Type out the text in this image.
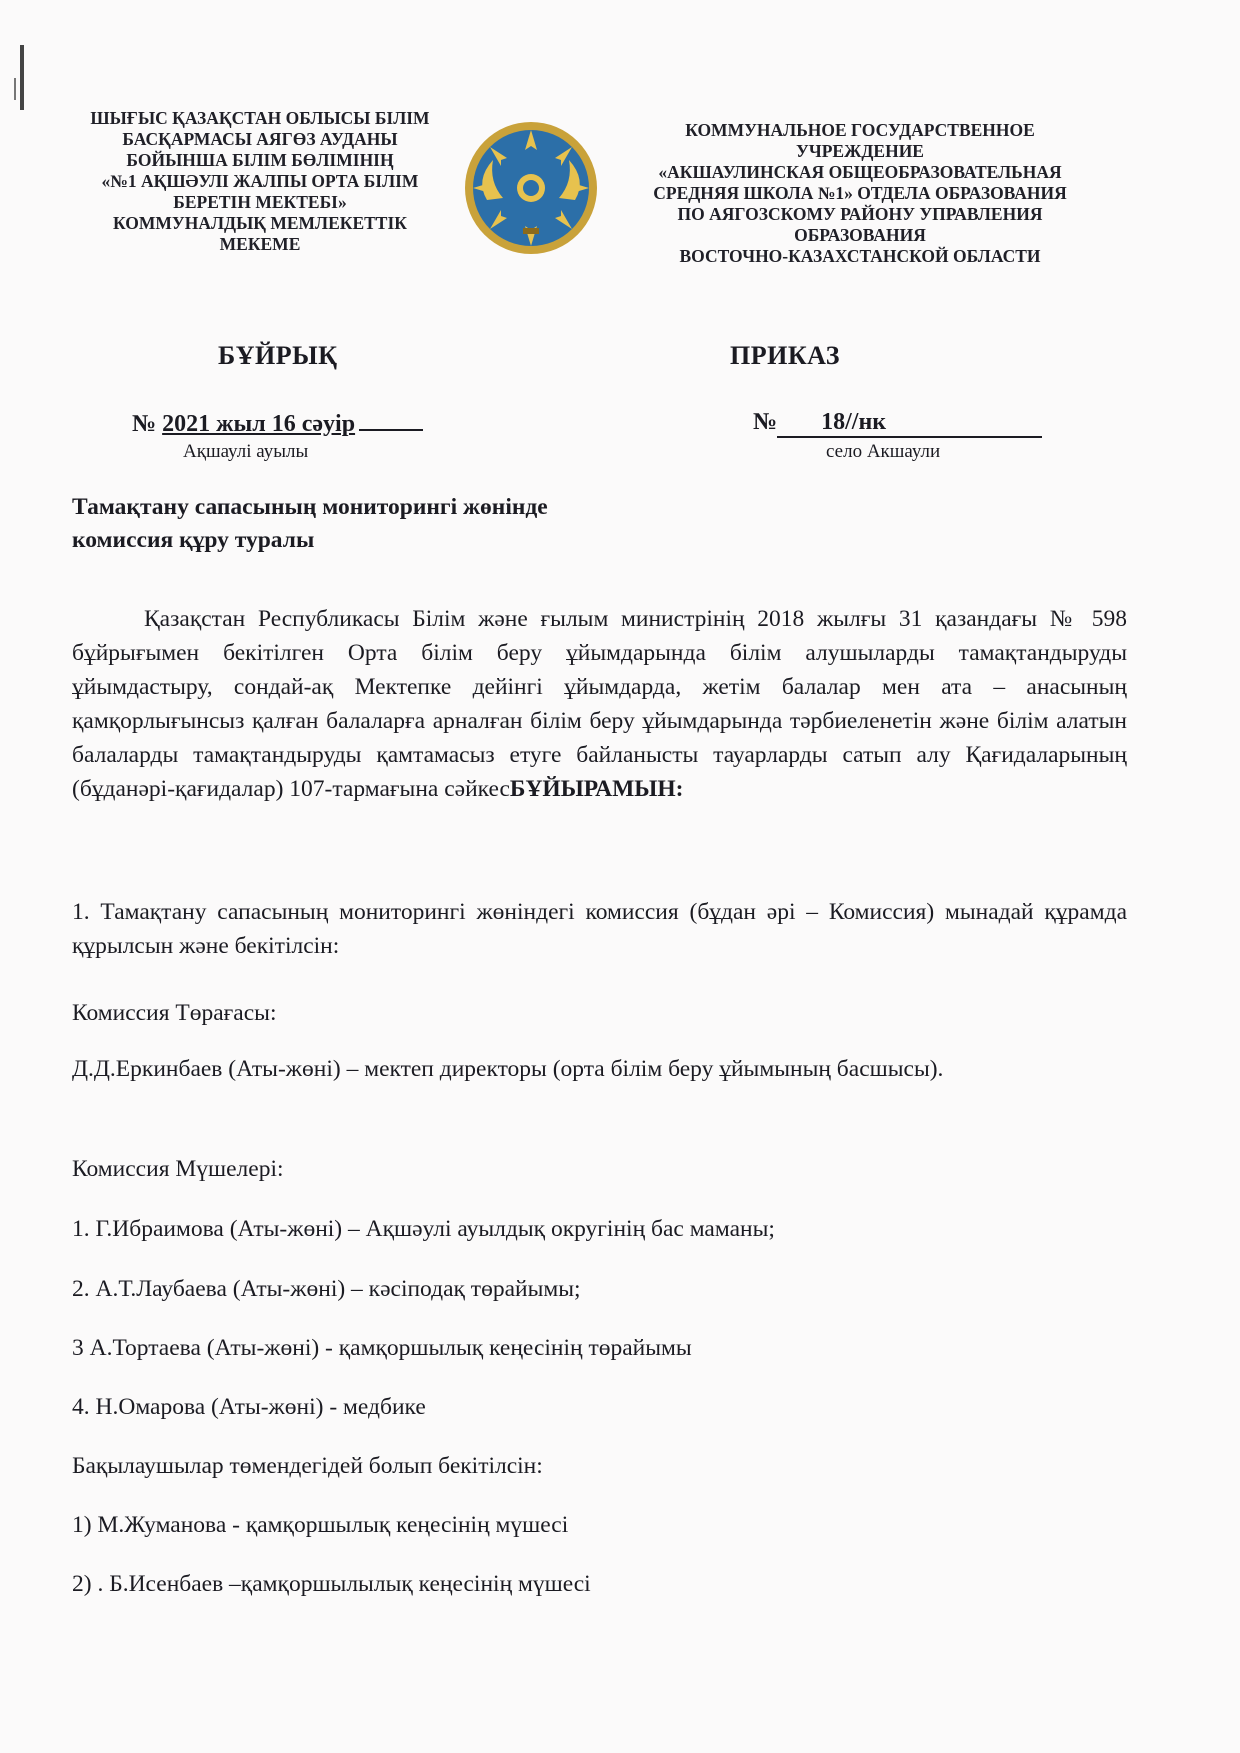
ШЫҒЫС ҚАЗАҚСТАН ОБЛЫСЫ БІЛІМ
БАСҚАРМАСЫ АЯГӨЗ АУДАНЫ
БОЙЫНША БІЛІМ БӨЛІМІНІҢ
«№1 АҚШӘУЛІ ЖАЛПЫ ОРТА БІЛІМ
БЕРЕТІН МЕКТЕБІ»
КОММУНАЛДЫҚ МЕМЛЕКЕТТІК
МЕКЕМЕ
КОММУНАЛЬНОЕ ГОСУДАРСТВЕННОЕ
УЧРЕЖДЕНИЕ
«АКШАУЛИНСКАЯ ОБЩЕОБРАЗОВАТЕЛЬНАЯ
СРЕДНЯЯ ШКОЛА №1» ОТДЕЛА ОБРАЗОВАНИЯ
ПО АЯГОЗСКОМУ РАЙОНУ УПРАВЛЕНИЯ
ОБРАЗОВАНИЯ
ВОСТОЧНО-КАЗАХСТАНСКОЙ ОБЛАСТИ
БҰЙРЫҚ	ПРИКАЗ
№ 2021 жыл 16 сәуір	№ 18//нк
Ақшаулі ауылы	село Акшаули
Тамақтану сапасының мониторингі жөнінде
комиссия құру туралы
Қазақстан Республикасы Білім және ғылым министрінің 2018 жылғы 31 қазандағы № 598 бұйрығымен бекітілген Орта білім беру ұйымдарында білім алушыларды тамақтандыруды ұйымдастыру, сондай-ақ Мектепке дейінгі ұйымдарда, жетім балалар мен ата – анасының қамқорлығынсыз қалған балаларға арналған білім беру ұйымдарында тәрбиеленетін және білім алатын балаларды тамақтандыруды қамтамасыз етуге байланысты тауарларды сатып алу Қағидаларының (бұданәрі-қағидалар) 107-тармағына сәйкесБҰЙЫРАМЫН:
1. Тамақтану сапасының мониторингі жөніндегі комиссия (бұдан әрі – Комиссия) мынадай құрамда құрылсын және бекітілсін:
Комиссия Төрағасы:
Д.Д.Еркинбаев (Аты-жөні) – мектеп директоры (орта білім беру ұйымының басшысы).
Комиссия Мүшелері:
1. Г.Ибраимова (Аты-жөні) – Ақшәулі ауылдық округінің бас маманы;
2. А.Т.Лаубаева (Аты-жөні) – кәсіподақ төрайымы;
3 А.Тортаева (Аты-жөні) - қамқоршылық кеңесінің төрайымы
4. Н.Омарова (Аты-жөні) - медбике
Бақылаушылар төмендегідей болып бекітілсін:
1) М.Жуманова - қамқоршылық кеңесінің мүшесі
2) . Б.Исенбаев –қамқоршылылық кеңесінің мүшесі
